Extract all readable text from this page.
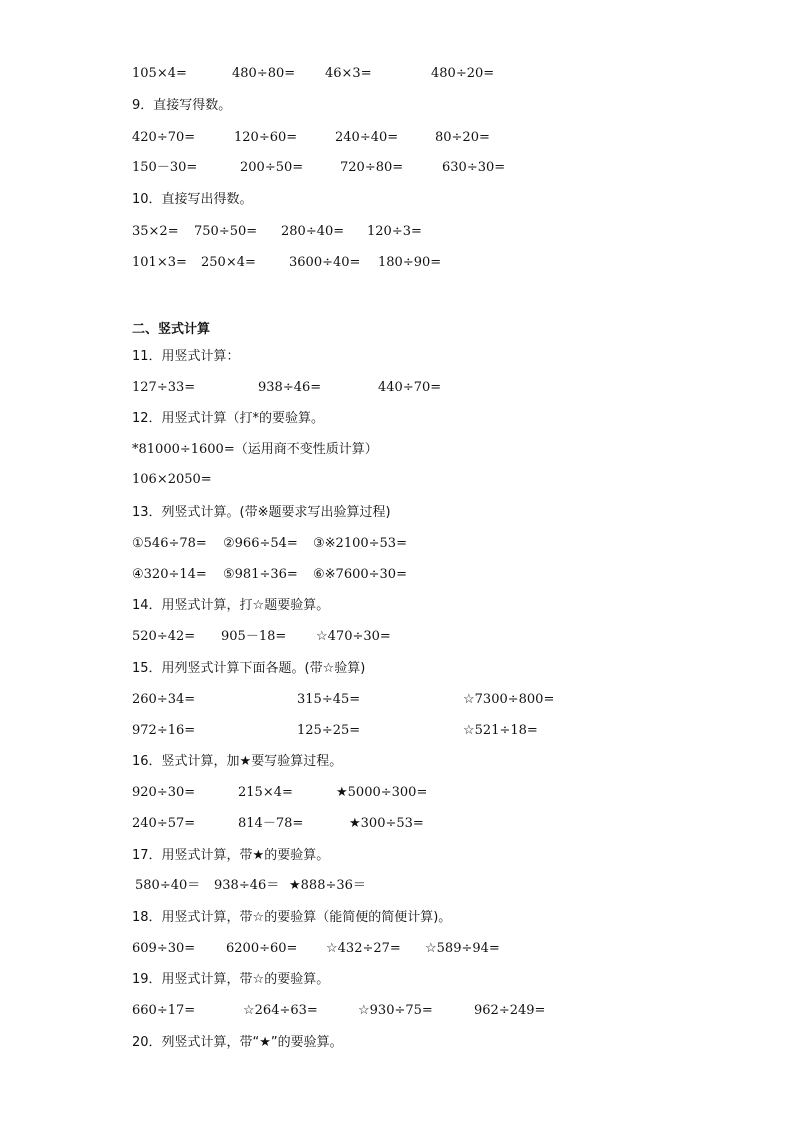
105×4=	480÷80= 46×3=	480÷20=
9．直接写得数。
420÷70=	120÷60=	240÷40=	80÷20=
150－30=	200÷50=	720÷80=	630÷30=
10．直接写出得数。
35×2= 750÷50= 280÷40= 120÷3=
101×3= 250×4=	3600÷40= 180÷90=
二、竖式计算
11．用竖式计算：
127÷33=	938÷46=	440÷70=
12．用竖式计算（打*的要验算。
*81000÷1600=（运用商不变性质计算）
106×2050=
13．列竖式计算。(带※题要求写出验算过程)
①546÷78= ②966÷54= ③※2100÷53=
④320÷14= ⑤981÷36= ⑥※7600÷30=
14．用竖式计算，打☆题要验算。
520÷42= 905－18= ☆470÷30=
15．用列竖式计算下面各题。(带☆验算)
260÷34=	315÷45=	☆7300÷800=
972÷16=	125÷25=	☆521÷18=
16．竖式计算，加★要写验算过程。
920÷30=	215×4=	★5000÷300=
240÷57=	814－78=	★300÷53=
17．用竖式计算，带★的要验算。
580÷40＝ 938÷46＝ ★888÷36＝
18．用竖式计算，带☆的要验算（能简便的简便计算)。
609÷30= 6200÷60= ☆432÷27= ☆589÷94=
19．用竖式计算，带☆的要验算。
660÷17=	☆264÷63=	☆930÷75=	962÷249=
20．列竖式计算，带“★”的要验算。
